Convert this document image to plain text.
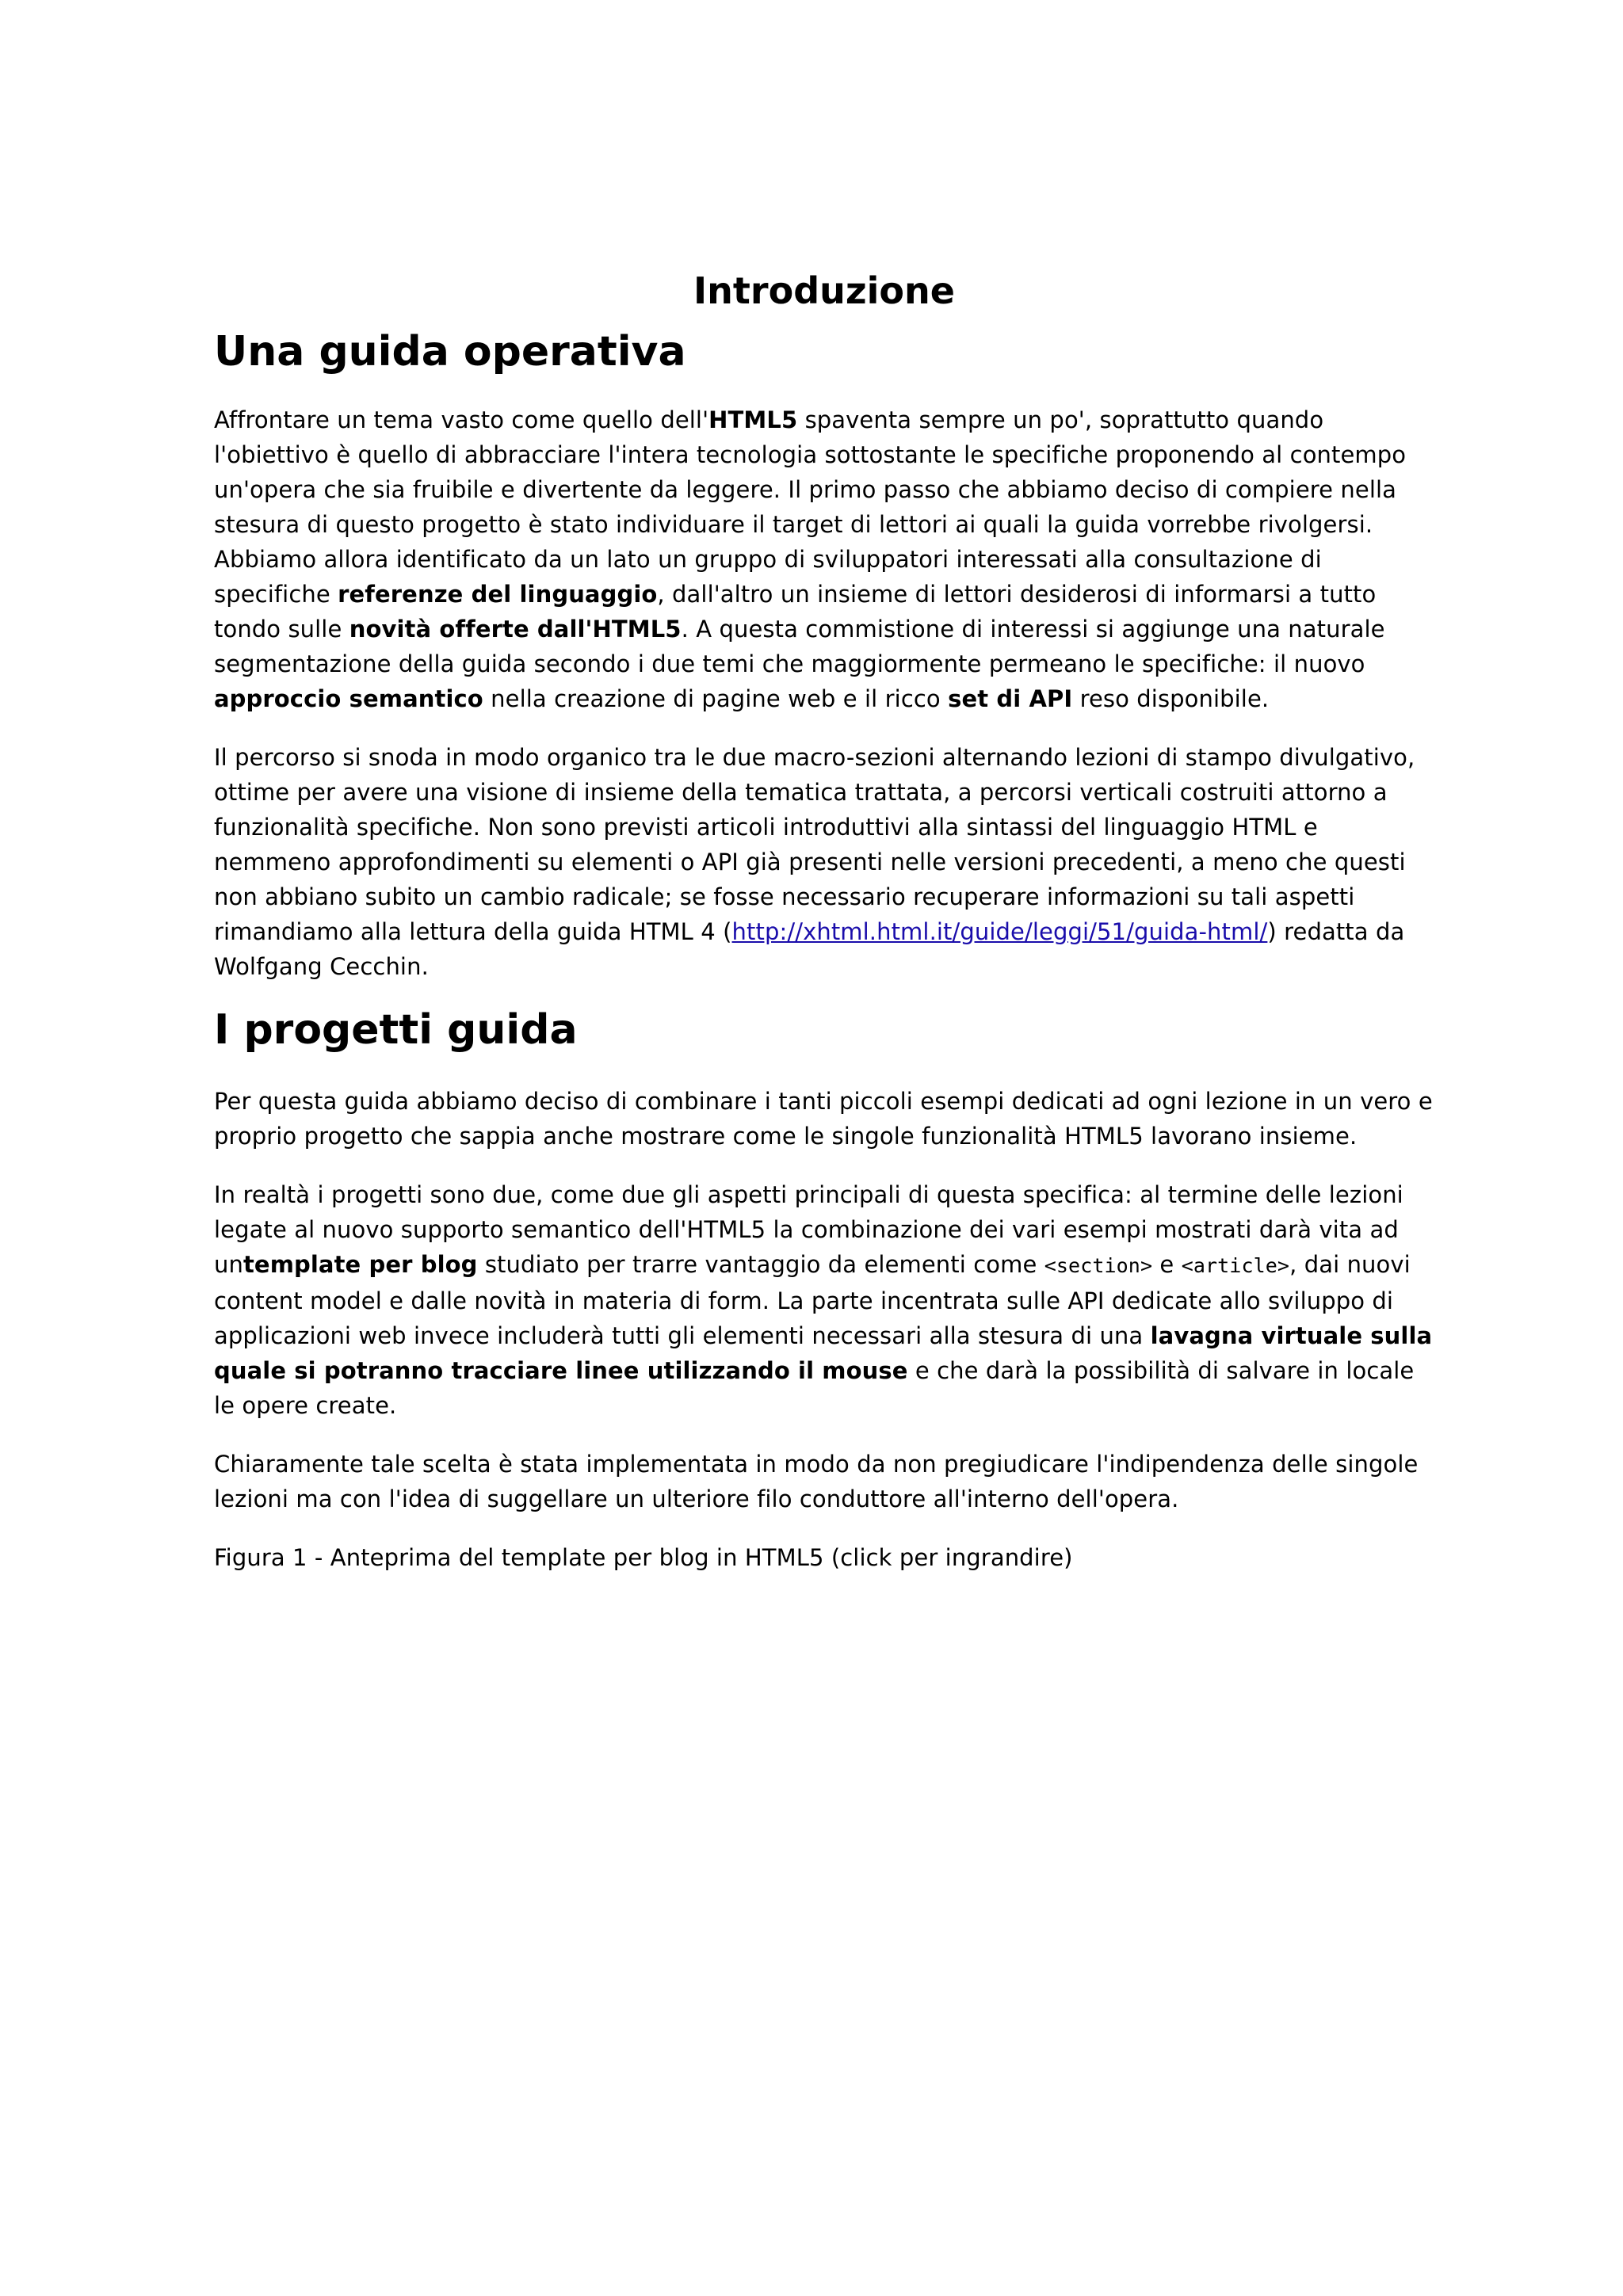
Introduzione
Una guida operativa

Affrontare un tema vasto come quello dell'HTML5 spaventa sempre un po', soprattutto quando l'obiettivo è quello di abbracciare l'intera tecnologia sottostante le specifiche proponendo al contempo un'opera che sia fruibile e divertente da leggere. Il primo passo che abbiamo deciso di compiere nella stesura di questo progetto è stato individuare il target di lettori ai quali la guida vorrebbe rivolgersi. Abbiamo allora identificato da un lato un gruppo di sviluppatori interessati alla consultazione di specifiche referenze del linguaggio, dall'altro un insieme di lettori desiderosi di informarsi a tutto tondo sulle novità offerte dall'HTML5. A questa commistione di interessi si aggiunge una naturale segmentazione della guida secondo i due temi che maggiormente permeano le specifiche: il nuovo approccio semantico nella creazione di pagine web e il ricco set di API reso disponibile.

Il percorso si snoda in modo organico tra le due macro-sezioni alternando lezioni di stampo divulgativo, ottime per avere una visione di insieme della tematica trattata, a percorsi verticali costruiti attorno a funzionalità specifiche. Non sono previsti articoli introduttivi alla sintassi del linguaggio HTML e nemmeno approfondimenti su elementi o API già presenti nelle versioni precedenti, a meno che questi non abbiano subito un cambio radicale; se fosse necessario recuperare informazioni su tali aspetti rimandiamo alla lettura della guida HTML 4 (http://xhtml.html.it/guide/leggi/51/guida-html/) redatta da Wolfgang Cecchin.

I progetti guida

Per questa guida abbiamo deciso di combinare i tanti piccoli esempi dedicati ad ogni lezione in un vero e proprio progetto che sappia anche mostrare come le singole funzionalità HTML5 lavorano insieme.

In realtà i progetti sono due, come due gli aspetti principali di questa specifica: al termine delle lezioni legate al nuovo supporto semantico dell'HTML5 la combinazione dei vari esempi mostrati darà vita ad untemplate per blog studiato per trarre vantaggio da elementi come <section> e <article>, dai nuovi content model e dalle novità in materia di form. La parte incentrata sulle API dedicate allo sviluppo di applicazioni web invece includerà tutti gli elementi necessari alla stesura di una lavagna virtuale sulla quale si potranno tracciare linee utilizzando il mouse e che darà la possibilità di salvare in locale le opere create.

Chiaramente tale scelta è stata implementata in modo da non pregiudicare l'indipendenza delle singole lezioni ma con l'idea di suggellare un ulteriore filo conduttore all'interno dell'opera.

Figura 1 - Anteprima del template per blog in HTML5 (click per ingrandire)
